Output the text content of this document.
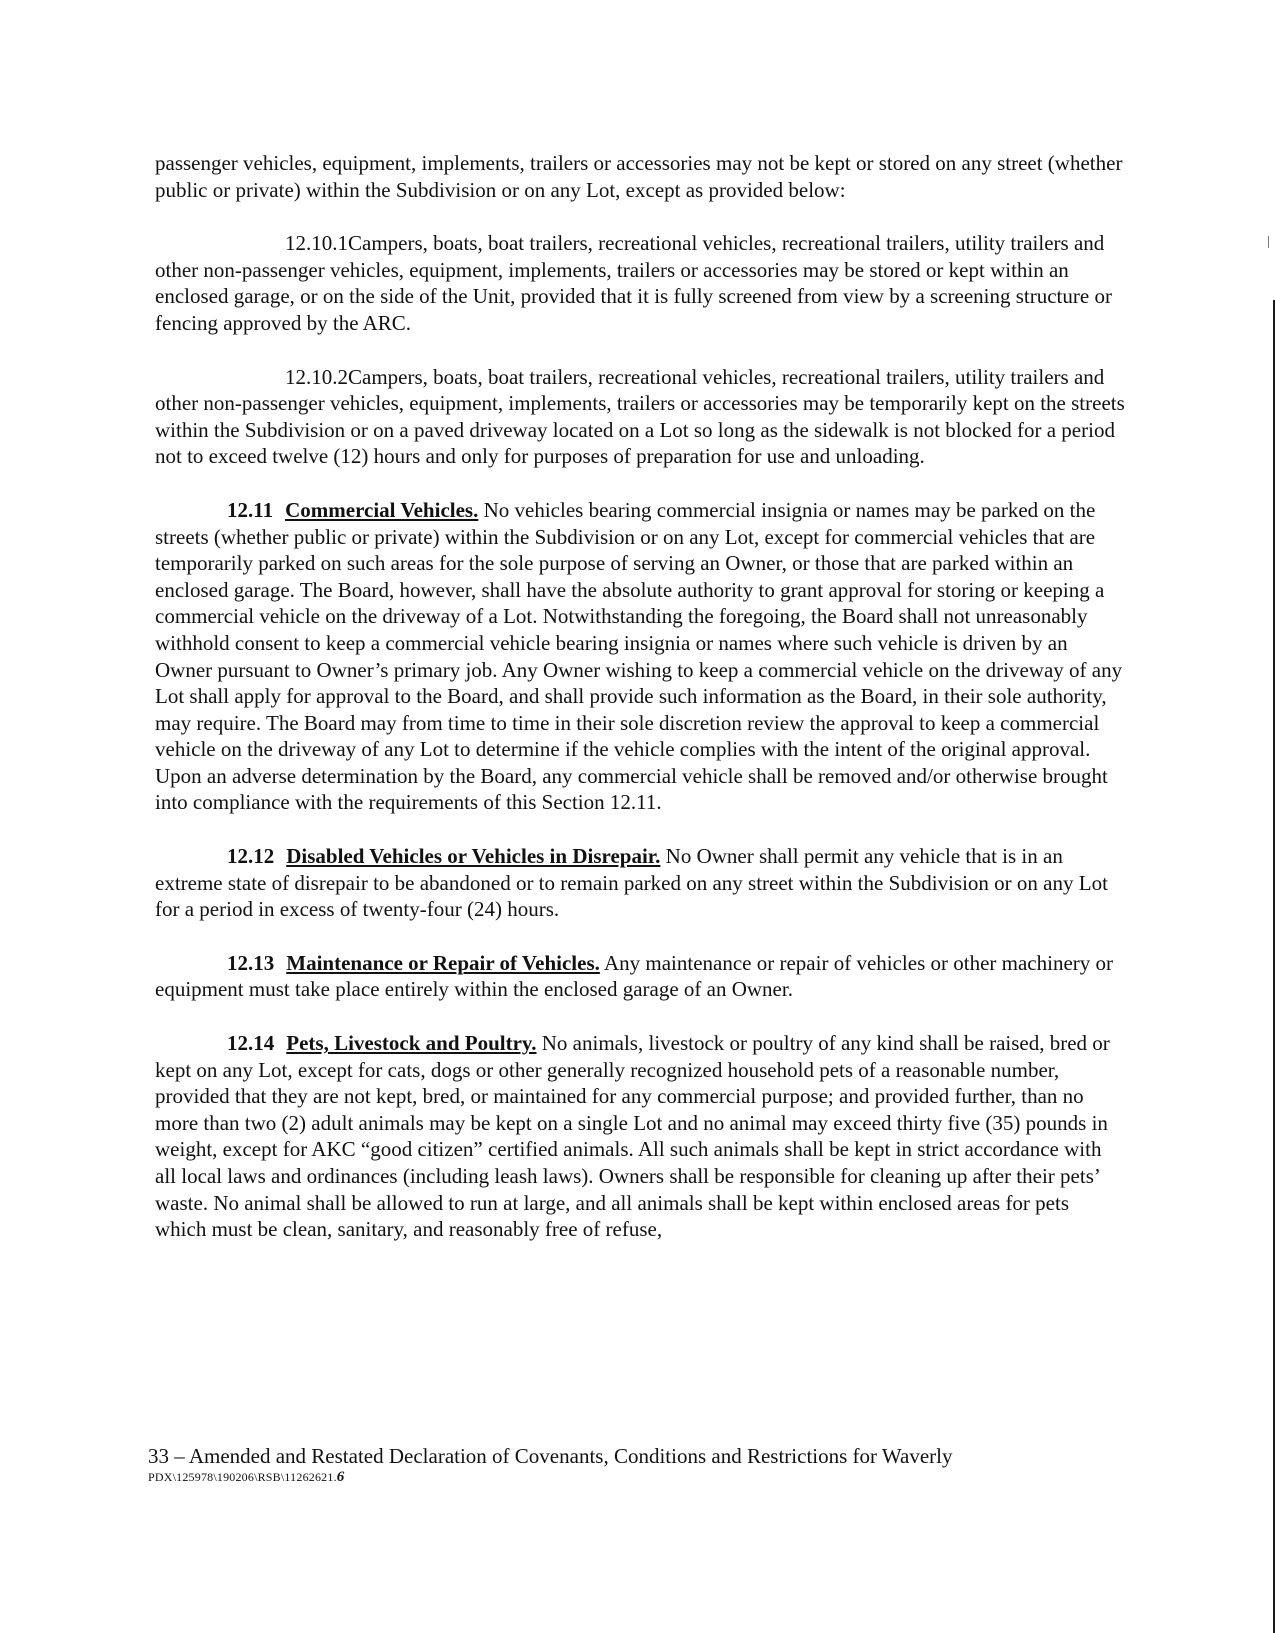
passenger vehicles, equipment, implements, trailers or accessories may not be kept or stored on any street (whether public or private) within the Subdivision or on any Lot, except as provided below:

12.10.1Campers, boats, boat trailers, recreational vehicles, recreational trailers, utility trailers and other non-passenger vehicles, equipment, implements, trailers or accessories may be stored or kept within an enclosed garage, or on the side of the Unit, provided that it is fully screened from view by a screening structure or fencing approved by the ARC.

12.10.2Campers, boats, boat trailers, recreational vehicles, recreational trailers, utility trailers and other non-passenger vehicles, equipment, implements, trailers or accessories may be temporarily kept on the streets within the Subdivision or on a paved driveway located on a Lot so long as the sidewalk is not blocked for a period not to exceed twelve (12) hours and only for purposes of preparation for use and unloading.

12.11 Commercial Vehicles. No vehicles bearing commercial insignia or names may be parked on the streets (whether public or private) within the Subdivision or on any Lot, except for commercial vehicles that are temporarily parked on such areas for the sole purpose of serving an Owner, or those that are parked within an enclosed garage. The Board, however, shall have the absolute authority to grant approval for storing or keeping a commercial vehicle on the driveway of a Lot. Notwithstanding the foregoing, the Board shall not unreasonably withhold consent to keep a commercial vehicle bearing insignia or names where such vehicle is driven by an Owner pursuant to Owner’s primary job. Any Owner wishing to keep a commercial vehicle on the driveway of any Lot shall apply for approval to the Board, and shall provide such information as the Board, in their sole authority, may require. The Board may from time to time in their sole discretion review the approval to keep a commercial vehicle on the driveway of any Lot to determine if the vehicle complies with the intent of the original approval. Upon an adverse determination by the Board, any commercial vehicle shall be removed and/or otherwise brought into compliance with the requirements of this Section 12.11.

12.12 Disabled Vehicles or Vehicles in Disrepair. No Owner shall permit any vehicle that is in an extreme state of disrepair to be abandoned or to remain parked on any street within the Subdivision or on any Lot for a period in excess of twenty-four (24) hours.

12.13 Maintenance or Repair of Vehicles. Any maintenance or repair of vehicles or other machinery or equipment must take place entirely within the enclosed garage of an Owner.

12.14 Pets, Livestock and Poultry. No animals, livestock or poultry of any kind shall be raised, bred or kept on any Lot, except for cats, dogs or other generally recognized household pets of a reasonable number, provided that they are not kept, bred, or maintained for any commercial purpose; and provided further, than no more than two (2) adult animals may be kept on a single Lot and no animal may exceed thirty five (35) pounds in weight, except for AKC “good citizen” certified animals. All such animals shall be kept in strict accordance with all local laws and ordinances (including leash laws). Owners shall be responsible for cleaning up after their pets’ waste. No animal shall be allowed to run at large, and all animals shall be kept within enclosed areas for pets which must be clean, sanitary, and reasonably free of refuse,

33 – Amended and Restated Declaration of Covenants, Conditions and Restrictions for Waverly
PDX\125978\190206\RSB\11262621.6
